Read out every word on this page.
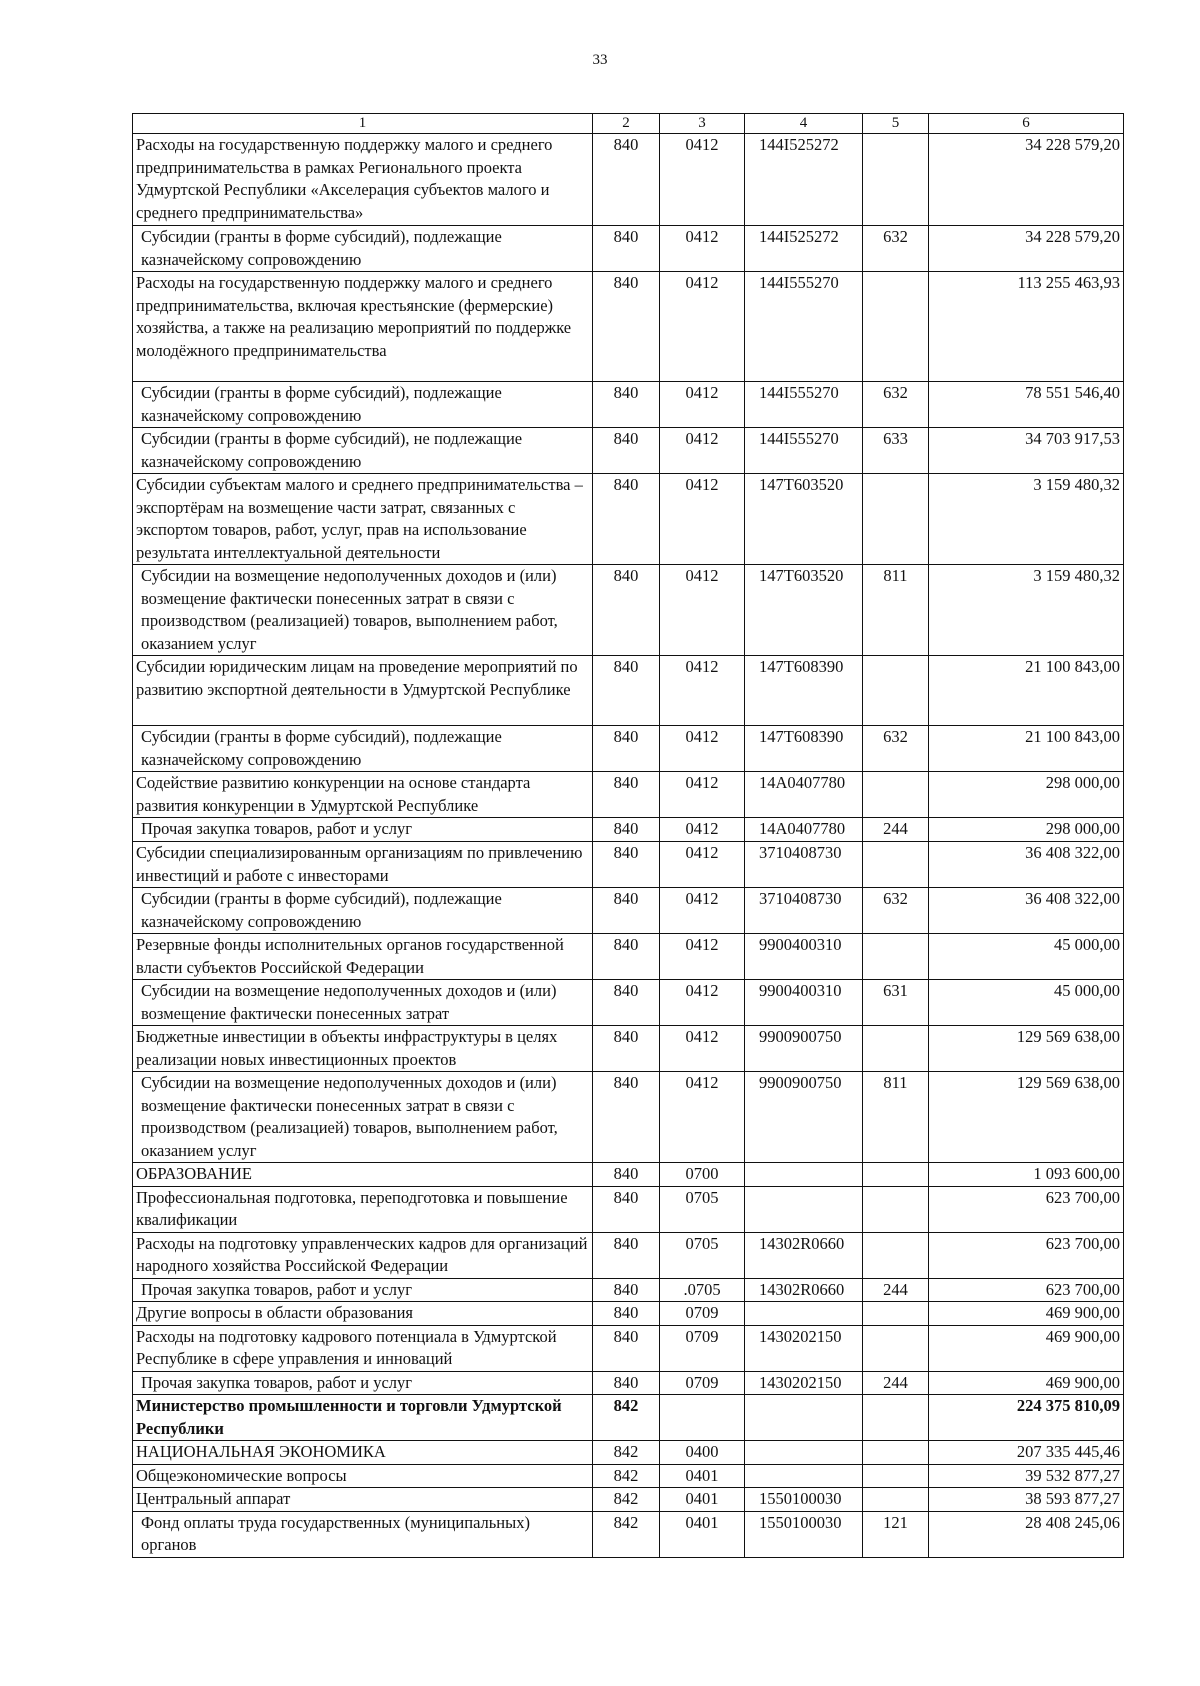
33
1	2	3	4	5	6
Расходы на государственную поддержку малого и среднего предпринимательства в рамках Регионального проекта Удмуртской Республики «Акселерация субъектов малого и среднего предпринимательства»	840	0412	144I525272		34 228 579,20
Субсидии (гранты в форме субсидий), подлежащие казначейскому сопровождению	840	0412	144I525272	632	34 228 579,20
Расходы на государственную поддержку малого и среднего предпринимательства, включая крестьянские (фермерские) хозяйства, а также на реализацию мероприятий по поддержке молодёжного предпринимательства	840	0412	144I555270		113 255 463,93
Субсидии (гранты в форме субсидий), подлежащие казначейскому сопровождению	840	0412	144I555270	632	78 551 546,40
Субсидии (гранты в форме субсидий), не подлежащие казначейскому сопровождению	840	0412	144I555270	633	34 703 917,53
Субсидии субъектам малого и среднего предпринимательства – экспортёрам на возмещение части затрат, связанных с экспортом товаров, работ, услуг, прав на использование результата интеллектуальной деятельности	840	0412	147T603520		3 159 480,32
Субсидии на возмещение недополученных доходов и (или) возмещение фактически понесенных затрат в связи с производством (реализацией) товаров, выполнением работ, оказанием услуг	840	0412	147T603520	811	3 159 480,32
Субсидии юридическим лицам на проведение мероприятий по развитию экспортной деятельности в Удмуртской Республике	840	0412	147T608390		21 100 843,00
Субсидии (гранты в форме субсидий), подлежащие казначейскому сопровождению	840	0412	147T608390	632	21 100 843,00
Содействие развитию конкуренции на основе стандарта развития конкуренции в Удмуртской Республике	840	0412	14A0407780		298 000,00
Прочая закупка товаров, работ и услуг	840	0412	14A0407780	244	298 000,00
Субсидии специализированным организациям по привлечению инвестиций и работе с инвесторами	840	0412	3710408730		36 408 322,00
Субсидии (гранты в форме субсидий), подлежащие казначейскому сопровождению	840	0412	3710408730	632	36 408 322,00
Резервные фонды исполнительных органов государственной власти субъектов Российской Федерации	840	0412	9900400310		45 000,00
Субсидии на возмещение недополученных доходов и (или) возмещение фактически понесенных затрат	840	0412	9900400310	631	45 000,00
Бюджетные инвестиции в объекты инфраструктуры в целях реализации новых инвестиционных проектов	840	0412	9900900750		129 569 638,00
Субсидии на возмещение недополученных доходов и (или) возмещение фактически понесенных затрат в связи с производством (реализацией) товаров, выполнением работ, оказанием услуг	840	0412	9900900750	811	129 569 638,00
ОБРАЗОВАНИЕ	840	0700			1 093 600,00
Профессиональная подготовка, переподготовка и повышение квалификации	840	0705			623 700,00
Расходы на подготовку управленческих кадров для организаций народного хозяйства Российской Федерации	840	0705	14302R0660		623 700,00
Прочая закупка товаров, работ и услуг	840	.0705	14302R0660	244	623 700,00
Другие вопросы в области образования	840	0709			469 900,00
Расходы на подготовку кадрового потенциала в Удмуртской Республике в сфере управления и инноваций	840	0709	1430202150		469 900,00
Прочая закупка товаров, работ и услуг	840	0709	1430202150	244	469 900,00
Министерство промышленности и торговли Удмуртской Республики	842				224 375 810,09
НАЦИОНАЛЬНАЯ ЭКОНОМИКА	842	0400			207 335 445,46
Общеэкономические вопросы	842	0401			39 532 877,27
Центральный аппарат	842	0401	1550100030		38 593 877,27
Фонд оплаты труда государственных (муниципальных) органов	842	0401	1550100030	121	28 408 245,06
